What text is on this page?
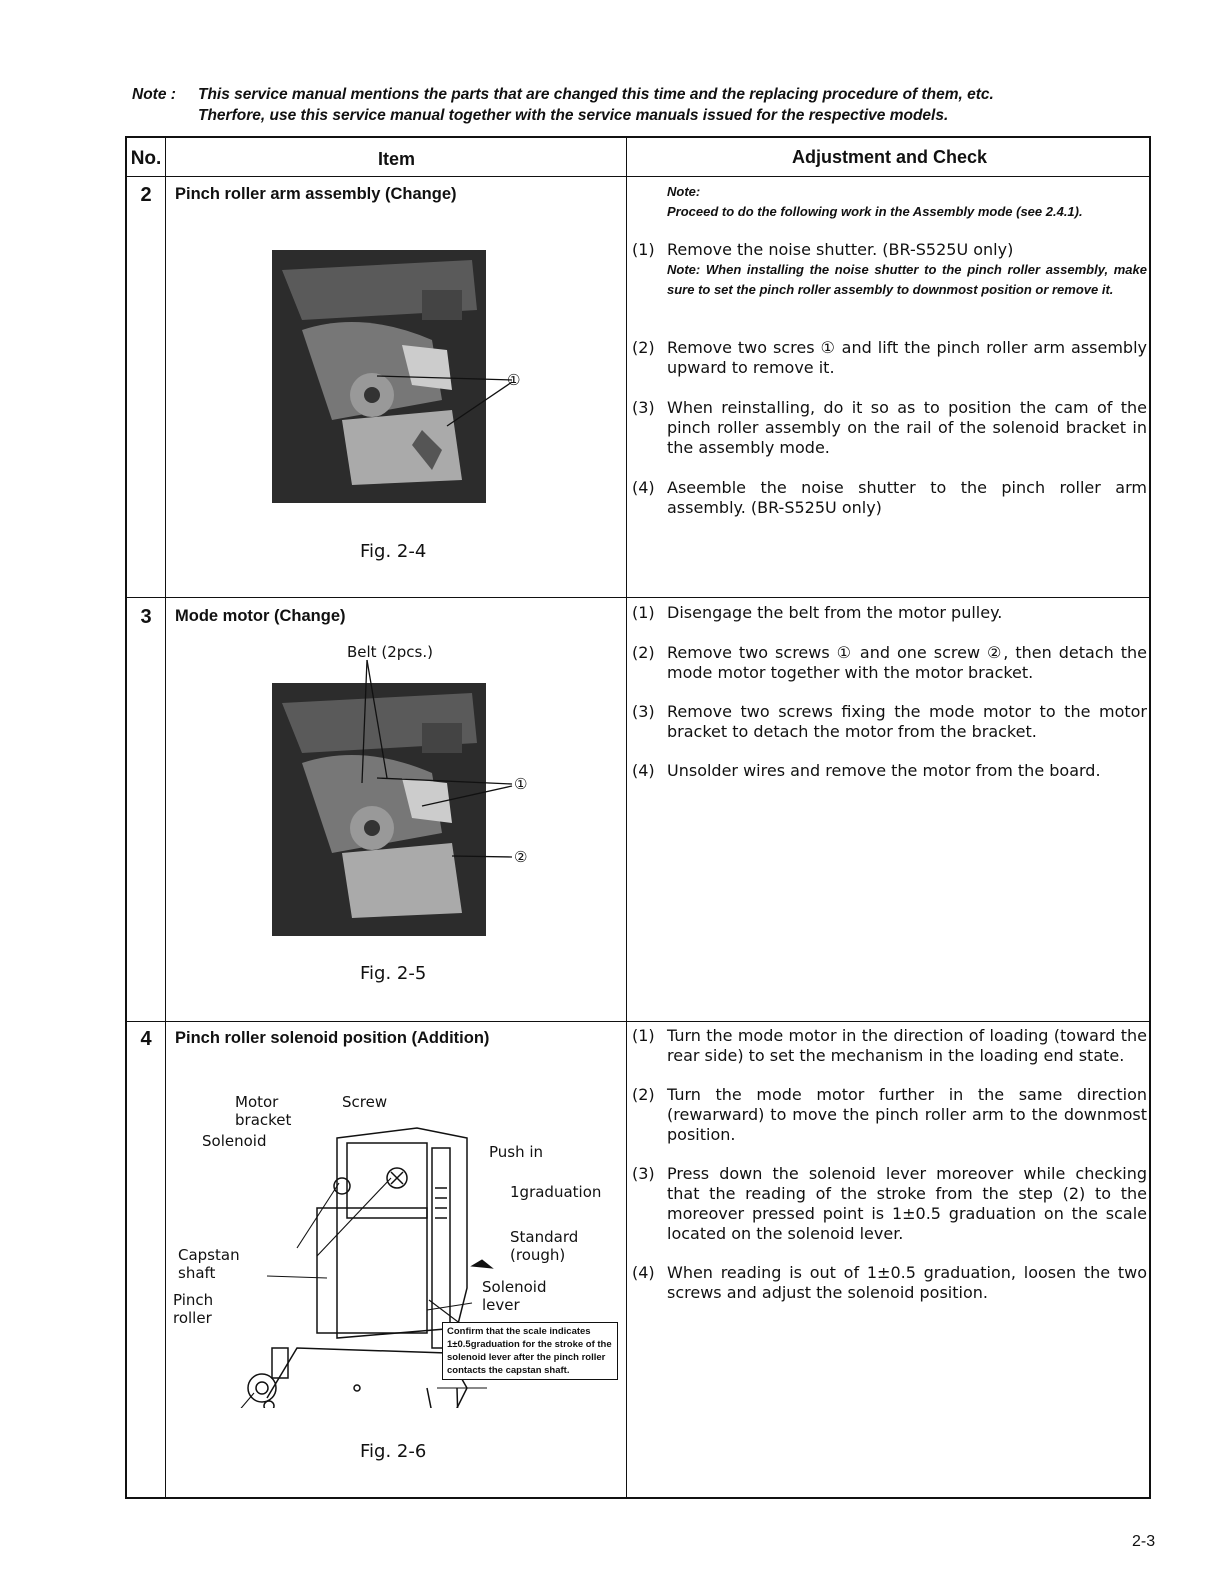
Note : This service manual mentions the parts that are changed this time and the replacing procedure of them, etc.
Therfore, use this service manual together with the service manuals issued for the respective models.
No.	Item	Adjustment and Check
2	Pinch roller arm assembly (Change)
①
Fig. 2-4
Note:
Proceed to do the following work in the Assembly mode (see 2.4.1).
(1) Remove the noise shutter. (BR-S525U only)
Note: When installing the noise shutter to the pinch roller assembly, make sure to set the pinch roller assembly to downmost position or remove it.
(2) Remove two scres ① and lift the pinch roller arm assembly upward to remove it.
(3) When reinstalling, do it so as to position the cam of the pinch roller assembly on the rail of the solenoid bracket in the assembly mode.
(4) Aseemble the noise shutter to the pinch roller arm assembly. (BR-S525U only)
3	Mode motor (Change)
Belt (2pcs.)
①
②
Fig. 2-5
(1) Disengage the belt from the motor pulley.
(2) Remove two screws ① and one screw ②, then detach the mode motor together with the motor bracket.
(3) Remove two screws fixing the mode motor to the motor bracket to detach the motor from the bracket.
(4) Unsolder wires and remove the motor from the board.
4	Pinch roller solenoid position (Addition)
Motor
bracket
Screw
Solenoid
Push in
1graduation
Standard
(rough)
Capstan
shaft
Solenoid
lever
Pinch
roller
Fig. 2-6
(1) Turn the mode motor in the direction of loading (toward the rear side) to set the mechanism in the loading end state.
(2) Turn the mode motor further in the same direction (rewarward) to move the pinch roller arm to the downmost position.
(3) Press down the solenoid lever moreover while checking that the reading of the stroke from the step (2) to the moreover pressed point is 1±0.5 graduation on the scale located on the solenoid lever.
(4) When reading is out of 1±0.5 graduation, loosen the two screws and adjust the solenoid position.
Confirm that the scale indicates 1±0.5graduation for the stroke of the solenoid lever after the pinch roller contacts the capstan shaft.
2-3
